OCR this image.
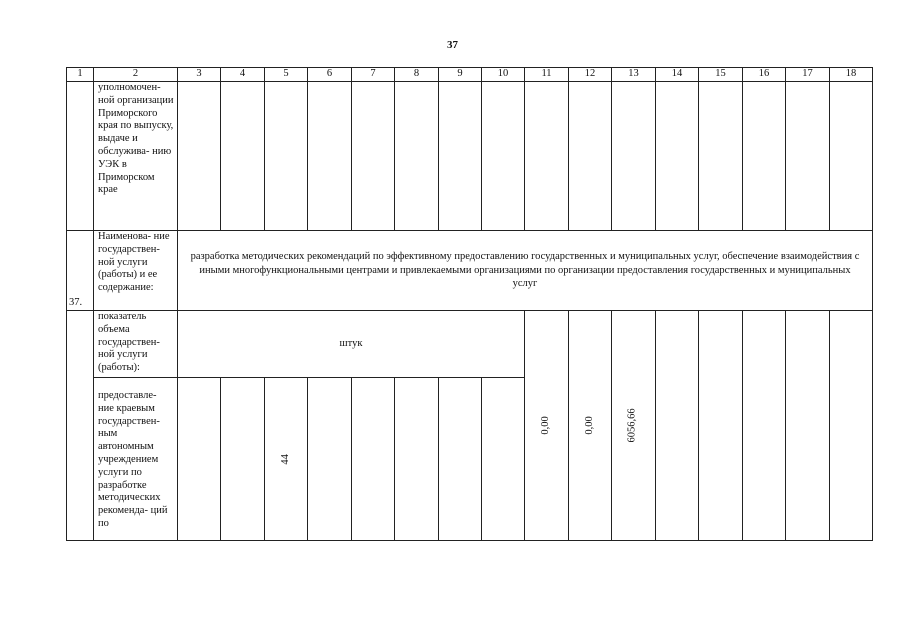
37
1	2	3	4	5	6	7	8	9	10	11	12	13	14	15	16	17	18
	уполномочен- ной организации Приморского края по выпуску, выдаче и обслужива- нию УЭК в Приморском крае																
37.	Наименова- ние государствен- ной услуги (работы) и ее содержание:	разработка методических рекомендаций по эффективному предоставлению государственных и муниципальных услуг, обеспечение взаимодействия с иными многофункциональными центрами и привлекаемыми организациями по организации предоставления государственных и муниципальных услуг															
	показатель объема государствен- ной услуги (работы):	штук								0,00	0,00	6056,66					
	предоставле- ние краевым государствен- ным автономным учреждением услуги по разработке методических рекоменда- ций по			44													
